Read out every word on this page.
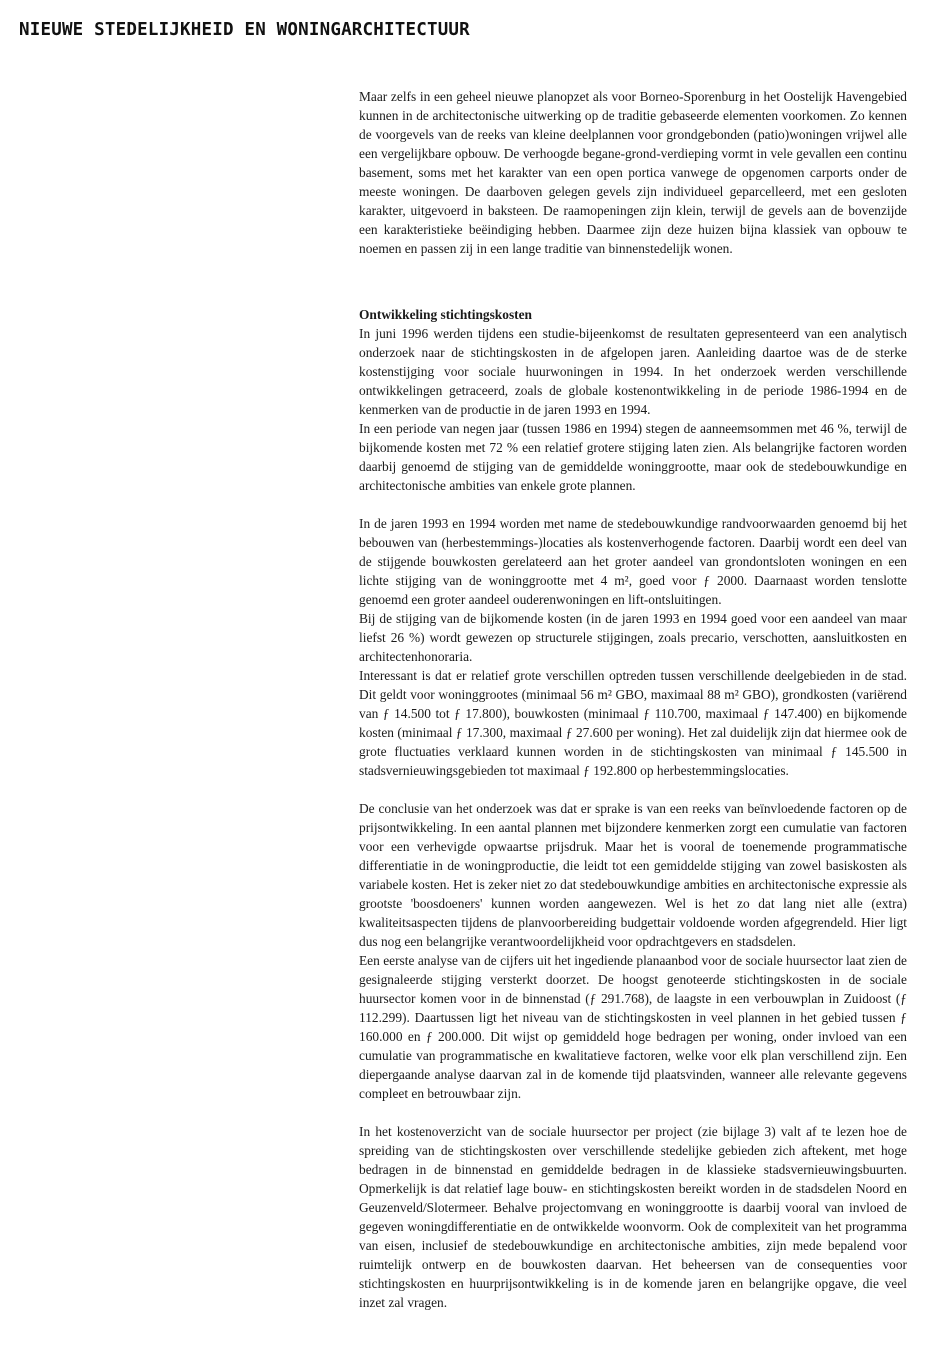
NIEUWE STEDELIJKHEID EN WONINGARCHITECTUUR

Maar zelfs in een geheel nieuwe planopzet als voor Borneo-Sporenburg in het Oostelijk Havengebied kunnen in de architectonische uitwerking op de traditie gebaseerde elementen voorkomen. Zo kennen de voorgevels van de reeks van kleine deelplannen voor grondgebonden (patio)woningen vrijwel alle een vergelijkbare opbouw. De verhoogde begane-grond-verdieping vormt in vele gevallen een continu basement, soms met het karakter van een open portica vanwege de opgenomen carports onder de meeste woningen. De daarboven gelegen gevels zijn individueel geparcelleerd, met een gesloten karakter, uitgevoerd in baksteen. De raamopeningen zijn klein, terwijl de gevels aan de bovenzijde een karakteristieke beëindiging hebben. Daarmee zijn deze huizen bijna klassiek van opbouw te noemen en passen zij in een lange traditie van binnenstedelijk wonen.

Ontwikkeling stichtingskosten

In juni 1996 werden tijdens een studie-bijeenkomst de resultaten gepresenteerd van een analytisch onderzoek naar de stichtingskosten in de afgelopen jaren. Aanleiding daartoe was de de sterke kostenstijging voor sociale huurwoningen in 1994. In het onderzoek werden verschillende ontwikkelingen getraceerd, zoals de globale kostenontwikkeling in de periode 1986-1994 en de kenmerken van de productie in de jaren 1993 en 1994.

In een periode van negen jaar (tussen 1986 en 1994) stegen de aanneemsommen met 46 %, terwijl de bijkomende kosten met 72 % een relatief grotere stijging laten zien. Als belangrijke factoren worden daarbij genoemd de stijging van de gemiddelde woninggrootte, maar ook de stedebouwkundige en architectonische ambities van enkele grote plannen.

In de jaren 1993 en 1994 worden met name de stedebouwkundige randvoorwaarden genoemd bij het bebouwen van (herbestemmings-)locaties als kostenverhogende factoren. Daarbij wordt een deel van de stijgende bouwkosten gerelateerd aan het groter aandeel van grondontsloten woningen en een lichte stijging van de woninggrootte met 4 m², goed voor ƒ 2000. Daarnaast worden tenslotte genoemd een groter aandeel ouderenwoningen en lift-ontsluitingen.

Bij de stijging van de bijkomende kosten (in de jaren 1993 en 1994 goed voor een aandeel van maar liefst 26 %) wordt gewezen op structurele stijgingen, zoals precario, verschotten, aansluitkosten en architectenhonoraria.

Interessant is dat er relatief grote verschillen optreden tussen verschillende deelgebieden in de stad. Dit geldt voor woninggrootes (minimaal 56 m² GBO, maximaal 88 m² GBO), grondkosten (variërend van ƒ 14.500 tot ƒ 17.800), bouwkosten (minimaal ƒ 110.700, maximaal ƒ 147.400) en bijkomende kosten (minimaal ƒ 17.300, maximaal ƒ 27.600 per woning). Het zal duidelijk zijn dat hiermee ook de grote fluctuaties verklaard kunnen worden in de stichtingskosten van minimaal ƒ 145.500 in stadsvernieuwingsgebieden tot maximaal ƒ 192.800 op herbestemmingslocaties.

De conclusie van het onderzoek was dat er sprake is van een reeks van beïnvloedende factoren op de prijsontwikkeling. In een aantal plannen met bijzondere kenmerken zorgt een cumulatie van factoren voor een verhevigde opwaartse prijsdruk. Maar het is vooral de toenemende programmatische differentiatie in de woningproductie, die leidt tot een gemiddelde stijging van zowel basiskosten als variabele kosten. Het is zeker niet zo dat stedebouwkundige ambities en architectonische expressie als grootste 'boosdoeners' kunnen worden aangewezen. Wel is het zo dat lang niet alle (extra) kwaliteitsaspecten tijdens de planvoorbereiding budgettair voldoende worden afgegrendeld. Hier ligt dus nog een belangrijke verantwoordelijkheid voor opdrachtgevers en stadsdelen.

Een eerste analyse van de cijfers uit het ingediende planaanbod voor de sociale huursector laat zien de gesignaleerde stijging versterkt doorzet. De hoogst genoteerde stichtingskosten in de sociale huursector komen voor in de binnenstad (ƒ 291.768), de laagste in een verbouwplan in Zuidoost (ƒ 112.299). Daartussen ligt het niveau van de stichtingskosten in veel plannen in het gebied tussen ƒ 160.000 en ƒ 200.000. Dit wijst op gemiddeld hoge bedragen per woning, onder invloed van een cumulatie van programmatische en kwalitatieve factoren, welke voor elk plan verschillend zijn. Een diepergaande analyse daarvan zal in de komende tijd plaatsvinden, wanneer alle relevante gegevens compleet en betrouwbaar zijn.

In het kostenoverzicht van de sociale huursector per project (zie bijlage 3) valt af te lezen hoe de spreiding van de stichtingskosten over verschillende stedelijke gebieden zich aftekent, met hoge bedragen in de binnenstad en gemiddelde bedragen in de klassieke stadsvernieuwingsbuurten. Opmerkelijk is dat relatief lage bouw- en stichtingskosten bereikt worden in de stadsdelen Noord en Geuzenveld/Slotermeer. Behalve projectomvang en woninggrootte is daarbij vooral van invloed de gegeven woningdifferentiatie en de ontwikkelde woonvorm. Ook de complexiteit van het programma van eisen, inclusief de stedebouwkundige en architectonische ambities, zijn mede bepalend voor ruimtelijk ontwerp en de bouwkosten daarvan. Het beheersen van de consequenties voor stichtingskosten en huurprijsontwikkeling is in de komende jaren en belangrijke opgave, die veel inzet zal vragen.
